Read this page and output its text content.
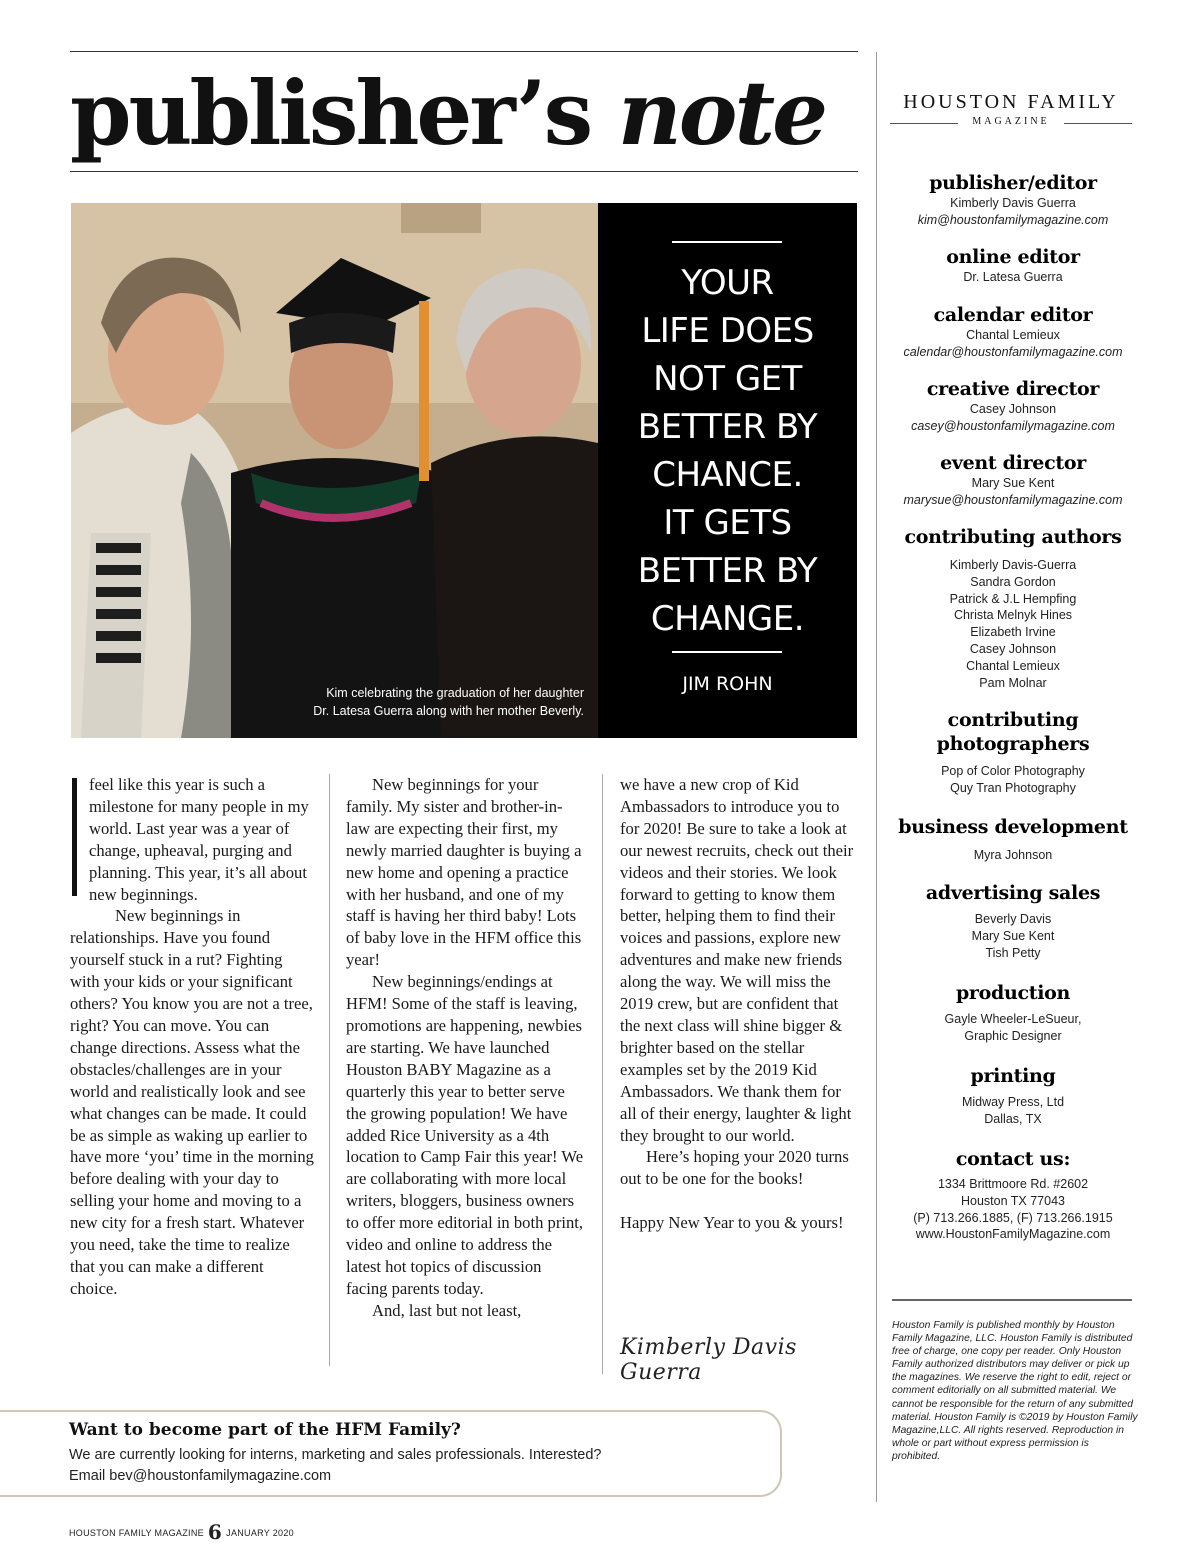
publisher’s note
Kim celebrating the graduation of her daughter
Dr. Latesa Guerra along with her mother Beverly.
YOUR
LIFE DOES
NOT GET
BETTER BY
CHANCE.
IT GETS
BETTER BY
CHANGE.
JIM ROHN

feel like this year is such a milestone for many people in my world. Last year was a year of change, upheaval, purging and planning. This year, it’s all about new beginnings.

New beginnings in relationships. Have you found yourself stuck in a rut? Fighting with your kids or your significant others? You know you are not a tree, right? You can move. You can change directions. Assess what the obstacles/challenges are in your world and realistically look and see what changes can be made. It could be as simple as waking up earlier to have more ‘you’ time in the morning before dealing with your day to selling your home and moving to a new city for a fresh start. Whatever you need, take the time to realize that you can make a different choice.

New beginnings for your family. My sister and brother-in-law are expecting their first, my newly married daughter is buying a new home and opening a practice with her husband, and one of my staff is having her third baby! Lots of baby love in the HFM office this year!

New beginnings/endings at HFM! Some of the staff is leaving, promotions are happening, newbies are starting. We have launched Houston BABY Magazine as a quarterly this year to better serve the growing population! We have added Rice University as a 4th location to Camp Fair this year! We are collaborating with more local writers, bloggers, business owners to offer more editorial in both print, video and online to address the latest hot topics of discussion facing parents today.

And, last but not least,

we have a new crop of Kid Ambassadors to introduce you to for 2020! Be sure to take a look at our newest recruits, check out their videos and their stories. We look forward to getting to know them better, helping them to find their voices and passions, explore new adventures and make new friends along the way. We will miss the 2019 crew, but are confident that the next class will shine bigger & brighter based on the stellar examples set by the 2019 Kid Ambassadors. We thank them for all of their energy, laughter & light they brought to our world.

Here’s hoping your 2020 turns out to be one for the books!

Happy New Year to you & yours!

Kimberly Davis Guerra
Want to become part of the HFM Family?
We are currently looking for interns, marketing and sales professionals. Interested?
Email bev@houstonfamilymagazine.com
HOUSTON FAMILY MAGAZINE 6 JANUARY 2020
HOUSTON FAMILY
MAGAZINE
publisher/editor
Kimberly Davis Guerra
kim@houstonfamilymagazine.com
online editor
Dr. Latesa Guerra
calendar editor
Chantal Lemieux
calendar@houstonfamilymagazine.com
creative director
Casey Johnson
casey@houstonfamilymagazine.com
event director
Mary Sue Kent
marysue@houstonfamilymagazine.com
contributing authors
Kimberly Davis-Guerra
Sandra Gordon
Patrick & J.L Hempfing
Christa Melnyk Hines
Elizabeth Irvine
Casey Johnson
Chantal Lemieux
Pam Molnar
contributing photographers
Pop of Color Photography
Quy Tran Photography
business development
Myra Johnson
advertising sales
Beverly Davis
Mary Sue Kent
Tish Petty
production
Gayle Wheeler-LeSueur,
Graphic Designer
printing
Midway Press, Ltd
Dallas, TX
contact us:
1334 Brittmoore Rd. #2602
Houston TX 77043
(P) 713.266.1885, (F) 713.266.1915
www.HoustonFamilyMagazine.com
Houston Family is published monthly by Houston Family Magazine, LLC. Houston Family is distributed free of charge, one copy per reader. Only Houston Family authorized distributors may deliver or pick up the magazines. We reserve the right to edit, reject or comment editorially on all submitted material. We cannot be responsible for the return of any submitted material. Houston Family is ©2019 by Houston Family Magazine,LLC. All rights reserved. Reproduction in whole or part without express permission is prohibited.
